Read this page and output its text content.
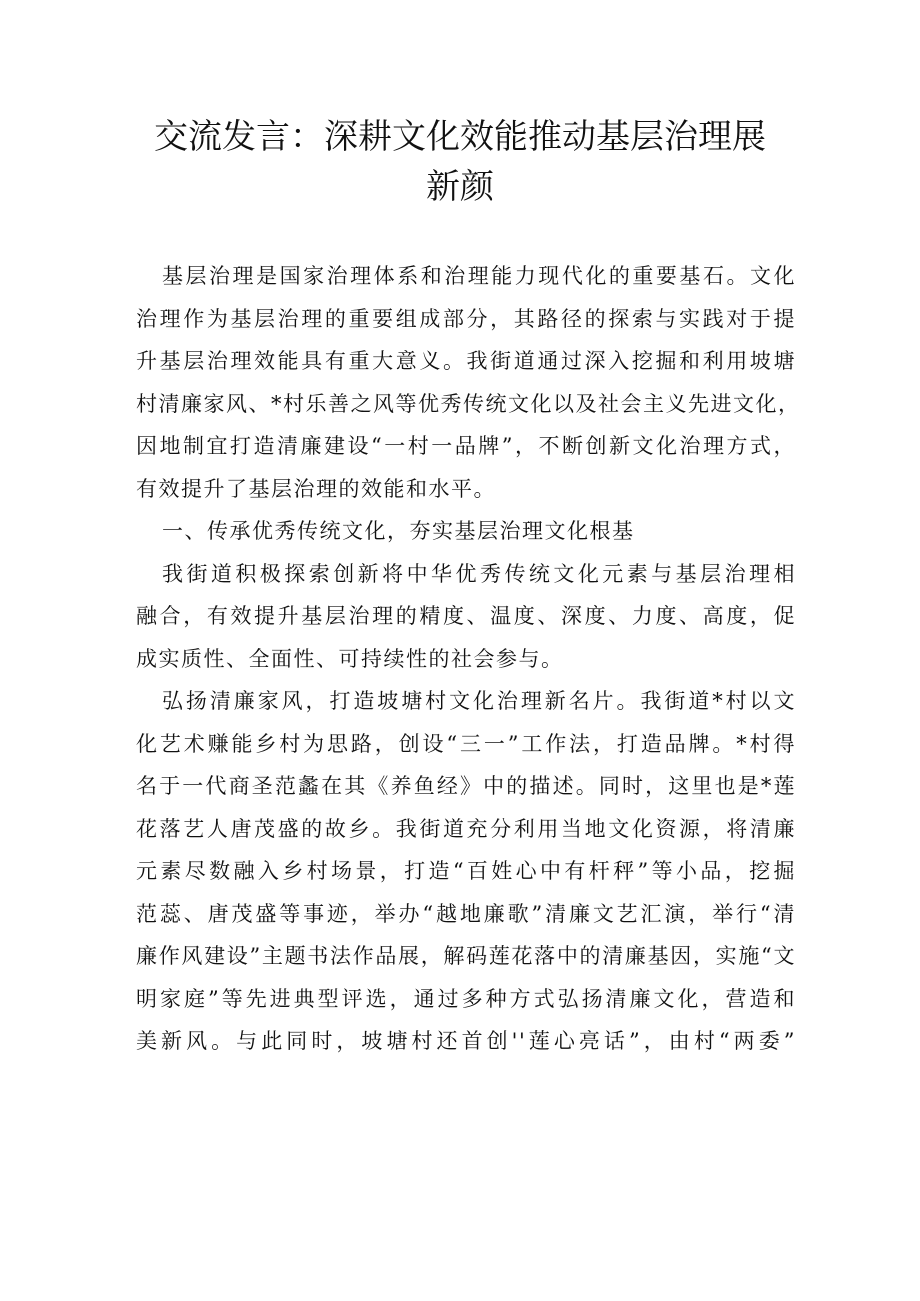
交流发言：深耕文化效能推动基层治理展
新颜
基层治理是国家治理体系和治理能力现代化的重要基石。文化
治理作为基层治理的重要组成部分，其路径的探索与实践对于提
升基层治理效能具有重大意义。我街道通过深入挖掘和利用坡塘
村清廉家风、*村乐善之风等优秀传统文化以及社会主义先进文化，
因地制宜打造清廉建设“一村一品牌”，不断创新文化治理方式，
有效提升了基层治理的效能和水平。
一、传承优秀传统文化，夯实基层治理文化根基
我街道积极探索创新将中华优秀传统文化元素与基层治理相
融合，有效提升基层治理的精度、温度、深度、力度、高度，促
成实质性、全面性、可持续性的社会参与。
弘扬清廉家风，打造坡塘村文化治理新名片。我街道*村以文
化艺术赚能乡村为思路，创设“三一”工作法，打造品牌。*村得
名于一代商圣范蠡在其《养鱼经》中的描述。同时，这里也是*莲
花落艺人唐茂盛的故乡。我街道充分利用当地文化资源，将清廉
元素尽数融入乡村场景，打造“百姓心中有杆秤”等小品，挖掘
范蕊、唐茂盛等事迹，举办“越地廉歌”清廉文艺汇演，举行“清
廉作风建设”主题书法作品展，解码莲花落中的清廉基因，实施“文
明家庭”等先进典型评选，通过多种方式弘扬清廉文化，营造和
美新风。与此同时，坡塘村还首创''莲心亮话”，由村“两委”
